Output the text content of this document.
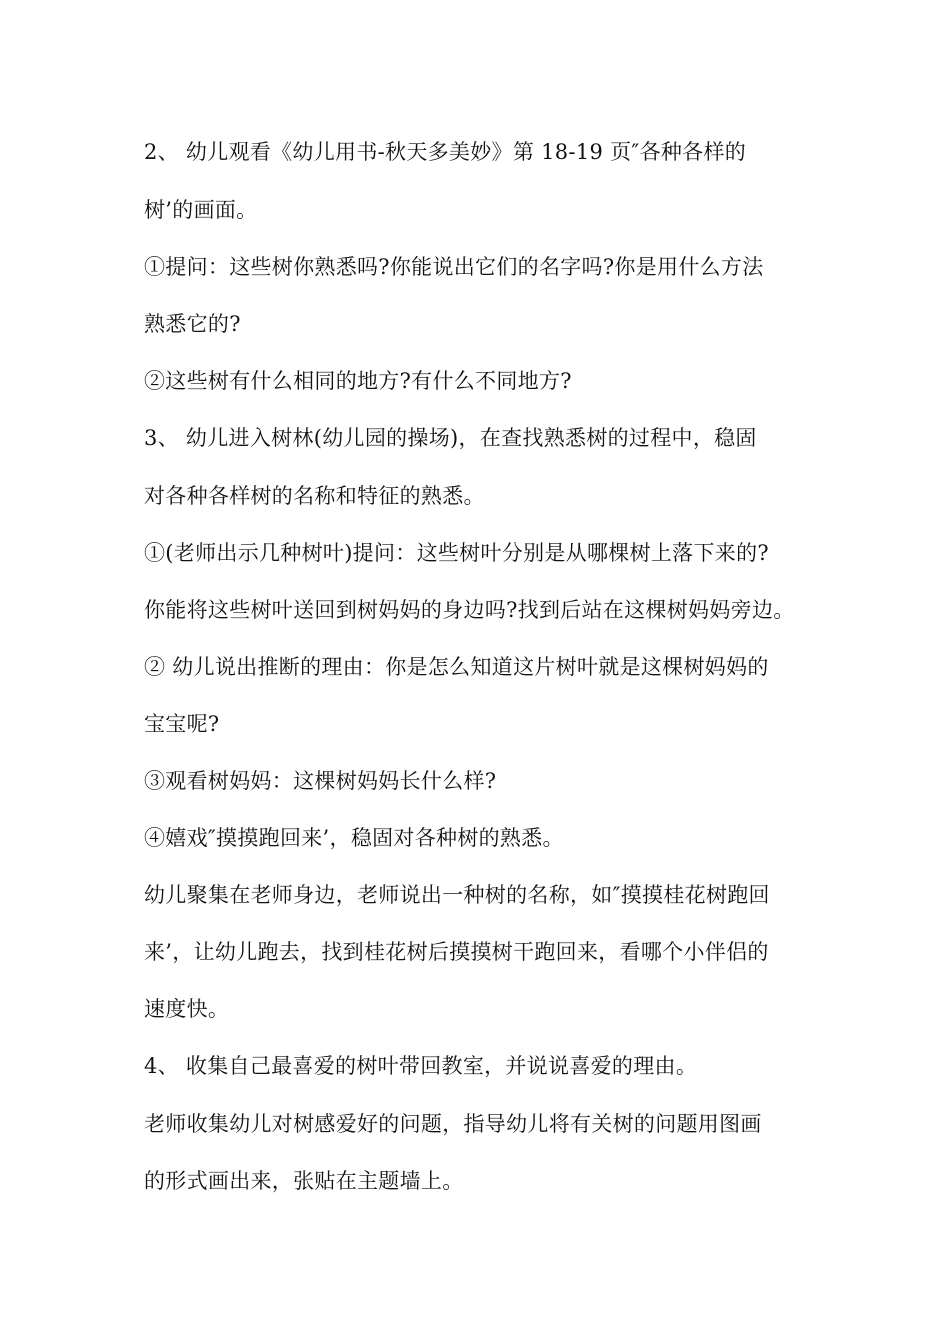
2、 幼儿观看《幼儿用书-秋天多美妙》第 18-19 页″各种各样的
树’的画面。
①提问：这些树你熟悉吗?你能说出它们的名字吗?你是用什么方法
熟悉它的?
②这些树有什么相同的地方?有什么不同地方?
3、 幼儿进入树林(幼儿园的操场)，在查找熟悉树的过程中，稳固
对各种各样树的名称和特征的熟悉。
①(老师出示几种树叶)提问：这些树叶分别是从哪棵树上落下来的?
你能将这些树叶送回到树妈妈的身边吗?找到后站在这棵树妈妈旁边。
② 幼儿说出推断的理由：你是怎么知道这片树叶就是这棵树妈妈的
宝宝呢?
③观看树妈妈：这棵树妈妈长什么样?
④嬉戏″摸摸跑回来’，稳固对各种树的熟悉。
幼儿聚集在老师身边，老师说出一种树的名称，如″摸摸桂花树跑回
来’，让幼儿跑去，找到桂花树后摸摸树干跑回来，看哪个小伴侣的
速度快。
4、 收集自己最喜爱的树叶带回教室，并说说喜爱的理由。
老师收集幼儿对树感爱好的问题，指导幼儿将有关树的问题用图画
的形式画出来，张贴在主题墙上。
